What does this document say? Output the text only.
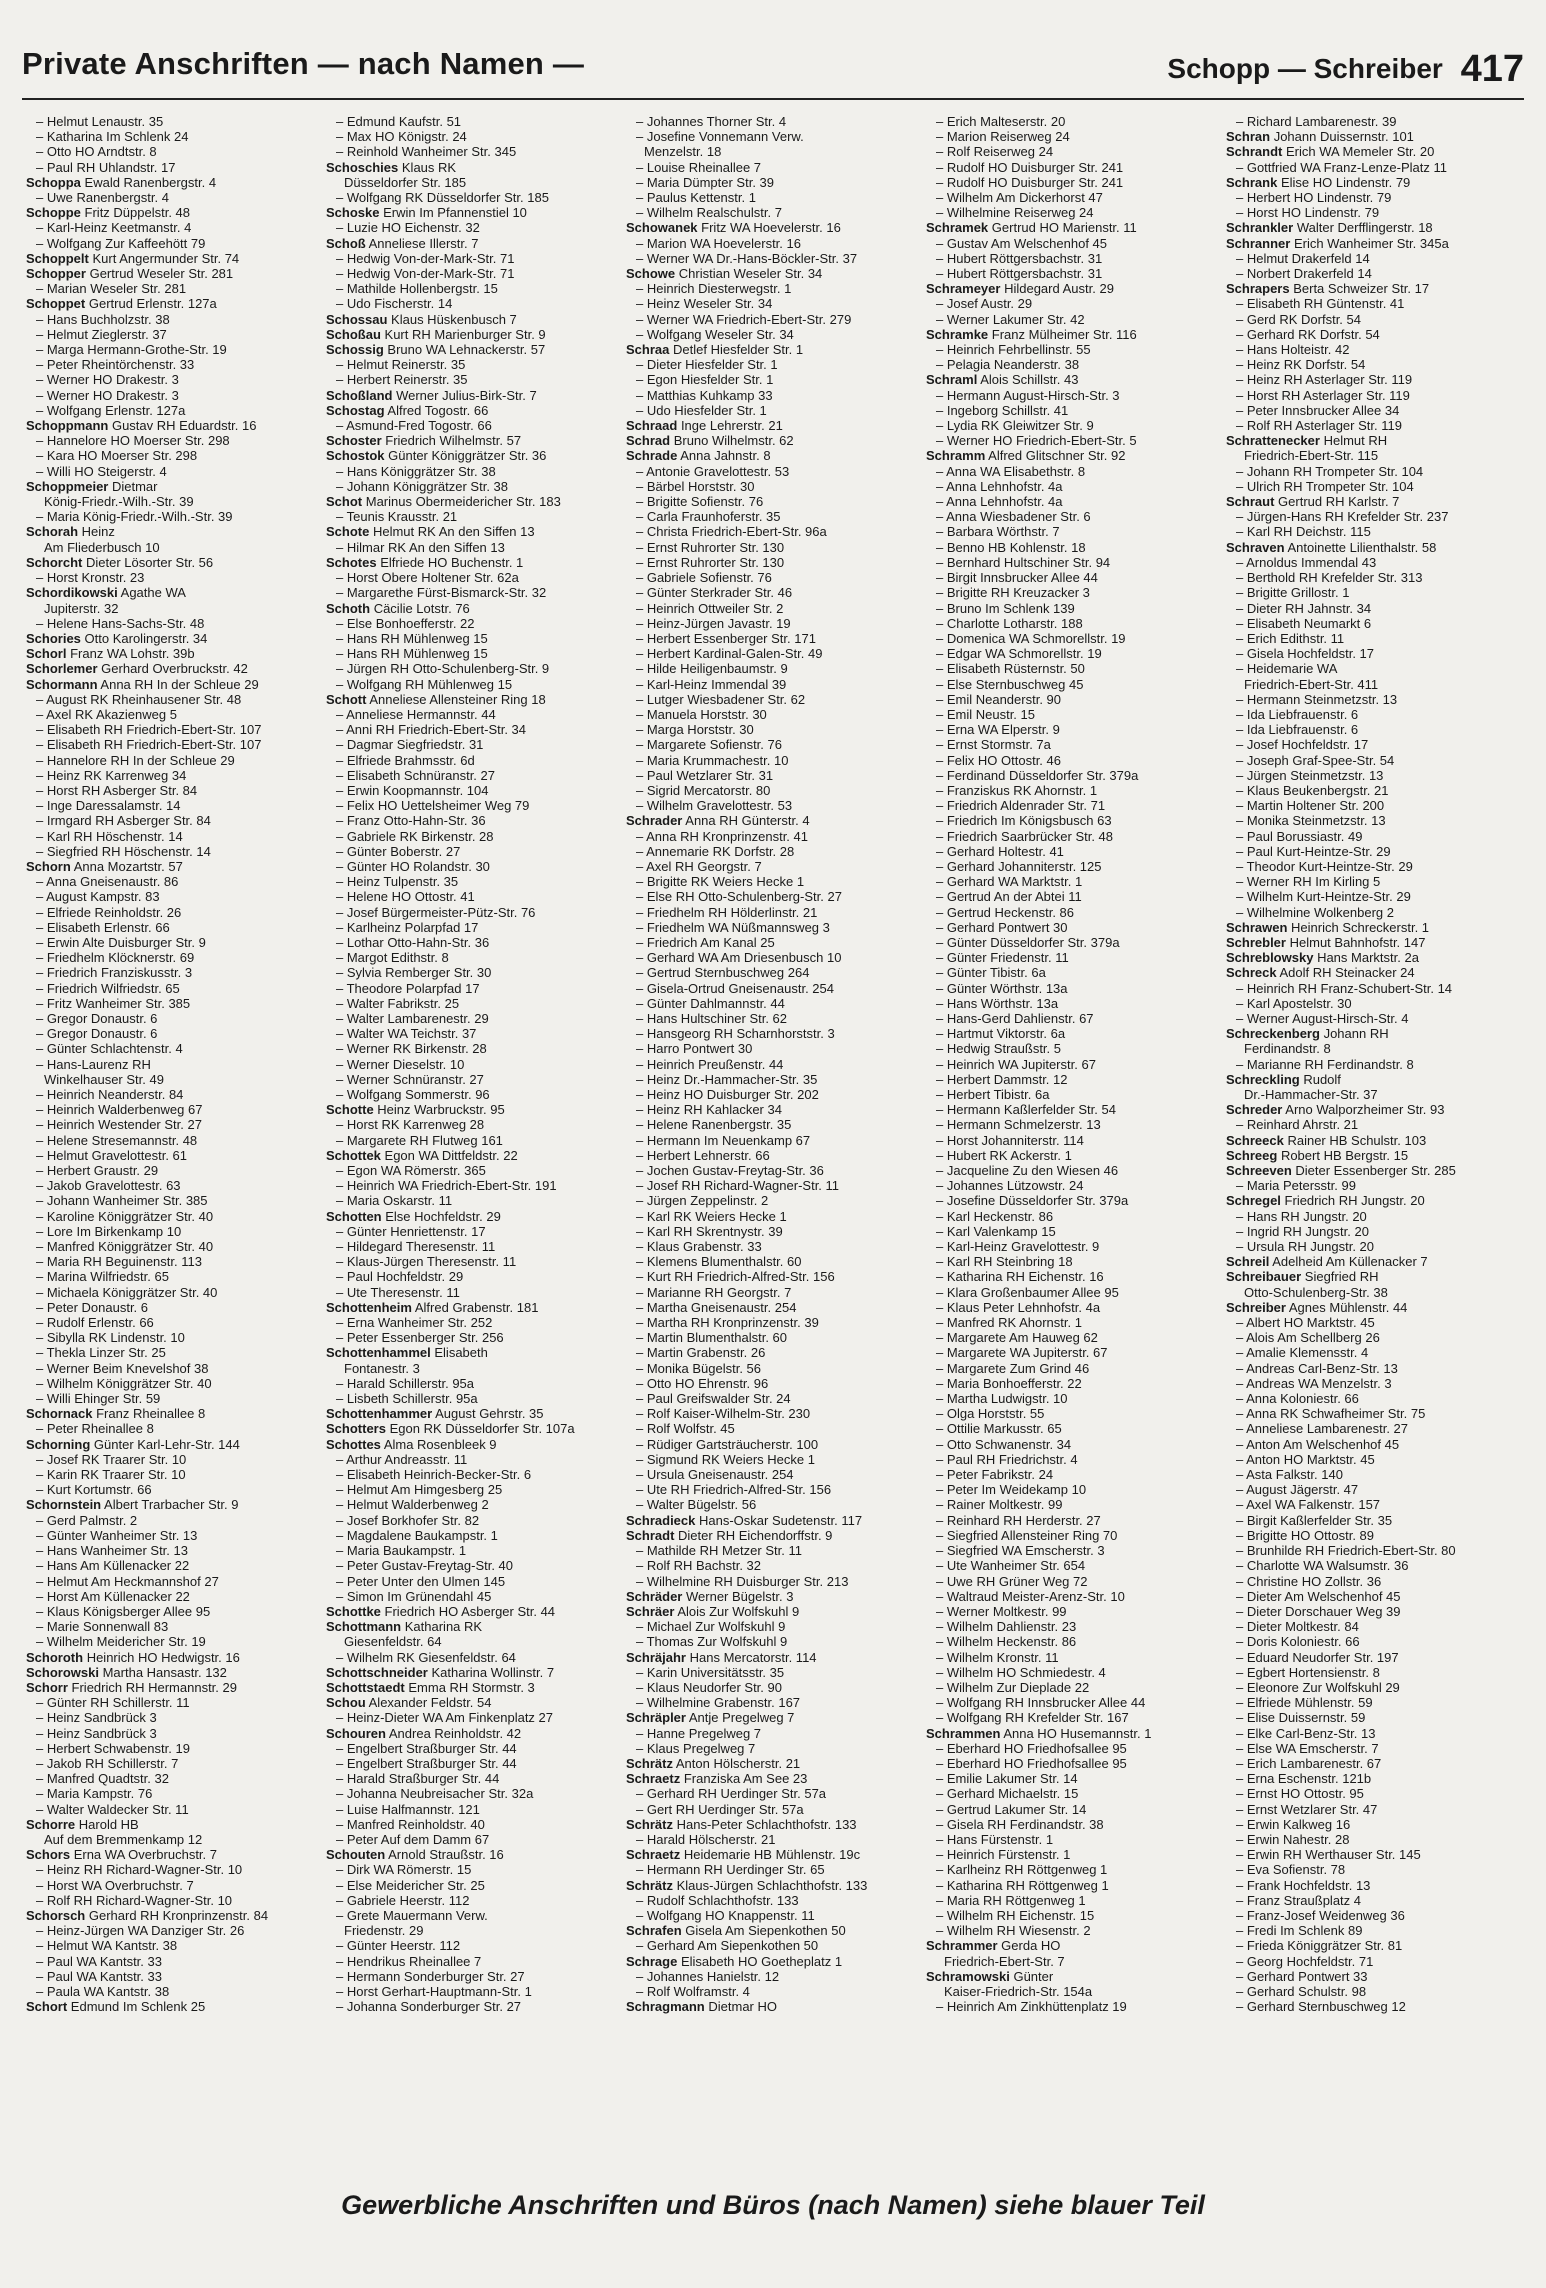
Private Anschriften — nach Namen —	Schopp — Schreiber 417
– Helmut Lenaustr. 35
– Katharina Im Schlenk 24
– Otto HO Arndtstr. 8
– Paul RH Uhlandstr. 17
Schoppa Ewald Ranenbergstr. 4
– Uwe Ranenbergstr. 4
Schoppe Fritz Düppelstr. 48
– Karl-Heinz Keetmanstr. 4
– Wolfgang Zur Kaffeehött 79
Schoppelt Kurt Angermunder Str. 74
Schopper Gertrud Weseler Str. 281
– Marian Weseler Str. 281
Schoppet Gertrud Erlenstr. 127a
– Hans Buchholzstr. 38
– Helmut Zieglerstr. 37
– Marga Hermann-Grothe-Str. 19
– Peter Rheintörchenstr. 33
– Werner HO Drakestr. 3
– Werner HO Drakestr. 3
– Wolfgang Erlenstr. 127a
Schoppmann Gustav RH Eduardstr. 16
– Hannelore HO Moerser Str. 298
– Kara HO Moerser Str. 298
– Willi HO Steigerstr. 4
Schoppmeier Dietmar
König-Friedr.-Wilh.-Str. 39
– Maria König-Friedr.-Wilh.-Str. 39
Schorah Heinz
Am Fliederbusch 10
Schorcht Dieter Lösorter Str. 56
– Horst Kronstr. 23
Schordikowski Agathe WA
Jupiterstr. 32
– Helene Hans-Sachs-Str. 48
Schories Otto Karolingerstr. 34
Schorl Franz WA Lohstr. 39b
Schorlemer Gerhard Overbruckstr. 42
Schormann Anna RH In der Schleue 29
– August RK Rheinhausener Str. 48
– Axel RK Akazienweg 5
– Elisabeth RH Friedrich-Ebert-Str. 107
– Elisabeth RH Friedrich-Ebert-Str. 107
– Hannelore RH In der Schleue 29
– Heinz RK Karrenweg 34
– Horst RH Asberger Str. 84
– Inge Daressalamstr. 14
– Irmgard RH Asberger Str. 84
– Karl RH Höschenstr. 14
– Siegfried RH Höschenstr. 14
Schorn Anna Mozartstr. 57
– Anna Gneisenaustr. 86
– August Kampstr. 83
– Elfriede Reinholdstr. 26
– Elisabeth Erlenstr. 66
– Erwin Alte Duisburger Str. 9
– Friedhelm Klöcknerstr. 69
– Friedrich Franziskusstr. 3
– Friedrich Wilfriedstr. 65
– Fritz Wanheimer Str. 385
– Gregor Donaustr. 6
– Gregor Donaustr. 6
– Günter Schlachtenstr. 4
– Hans-Laurenz RH
Winkelhauser Str. 49
– Heinrich Neanderstr. 84
– Heinrich Walderbenweg 67
– Heinrich Westender Str. 27
– Helene Stresemannstr. 48
– Helmut Gravelottestr. 61
– Herbert Graustr. 29
– Jakob Gravelottestr. 63
– Johann Wanheimer Str. 385
– Karoline Königgrätzer Str. 40
– Lore Im Birkenkamp 10
– Manfred Königgrätzer Str. 40
– Maria RH Beguinenstr. 113
– Marina Wilfriedstr. 65
– Michaela Königgrätzer Str. 40
– Peter Donaustr. 6
– Rudolf Erlenstr. 66
– Sibylla RK Lindenstr. 10
– Thekla Linzer Str. 25
– Werner Beim Knevelshof 38
– Wilhelm Königgrätzer Str. 40
– Willi Ehinger Str. 59
Schornack Franz Rheinallee 8
– Peter Rheinallee 8
Schorning Günter Karl-Lehr-Str. 144
– Josef RK Traarer Str. 10
– Karin RK Traarer Str. 10
– Kurt Kortumstr. 66
Schornstein Albert Trarbacher Str. 9
– Gerd Palmstr. 2
– Günter Wanheimer Str. 13
– Hans Wanheimer Str. 13
– Hans Am Küllenacker 22
– Helmut Am Heckmannshof 27
– Horst Am Küllenacker 22
– Klaus Königsberger Allee 95
– Marie Sonnenwall 83
– Wilhelm Meidericher Str. 19
Schoroth Heinrich HO Hedwigstr. 16
Schorowski Martha Hansastr. 132
Schorr Friedrich RH Hermannstr. 29
– Günter RH Schillerstr. 11
– Heinz Sandbrück 3
– Heinz Sandbrück 3
– Herbert Schwabenstr. 19
– Jakob RH Schillerstr. 7
– Manfred Quadtstr. 32
– Maria Kampstr. 76
– Walter Waldecker Str. 11
Schorre Harold HB
Auf dem Bremmenkamp 12
Schors Erna WA Overbruchstr. 7
– Heinz RH Richard-Wagner-Str. 10
– Horst WA Overbruchstr. 7
– Rolf RH Richard-Wagner-Str. 10
Schorsch Gerhard RH Kronprinzenstr. 84
– Heinz-Jürgen WA Danziger Str. 26
– Helmut WA Kantstr. 38
– Paul WA Kantstr. 33
– Paul WA Kantstr. 33
– Paula WA Kantstr. 38
Schort Edmund Im Schlenk 25
– Edmund Kaufstr. 51
– Max HO Königstr. 24
– Reinhold Wanheimer Str. 345
Schoschies Klaus RK
Düsseldorfer Str. 185
– Wolfgang RK Düsseldorfer Str. 185
Schoske Erwin Im Pfannenstiel 10
– Luzie HO Eichenstr. 32
Schoß Anneliese Illerstr. 7
– Hedwig Von-der-Mark-Str. 71
– Hedwig Von-der-Mark-Str. 71
– Mathilde Hollenbergstr. 15
– Udo Fischerstr. 14
Schossau Klaus Hüskenbusch 7
Schoßau Kurt RH Marienburger Str. 9
Schossig Bruno WA Lehnackerstr. 57
– Helmut Reinerstr. 35
– Herbert Reinerstr. 35
Schoßland Werner Julius-Birk-Str. 7
Schostag Alfred Togostr. 66
– Asmund-Fred Togostr. 66
Schoster Friedrich Wilhelmstr. 57
Schostok Günter Königgrätzer Str. 36
– Hans Königgrätzer Str. 38
– Johann Königgrätzer Str. 38
Schot Marinus Obermeidericher Str. 183
– Teunis Krausstr. 21
Schote Helmut RK An den Siffen 13
– Hilmar RK An den Siffen 13
Schotes Elfriede HO Buchenstr. 1
– Horst Obere Holtener Str. 62a
– Margarethe Fürst-Bismarck-Str. 32
Schoth Cäcilie Lotstr. 76
– Else Bonhoefferstr. 22
– Hans RH Mühlenweg 15
– Hans RH Mühlenweg 15
– Jürgen RH Otto-Schulenberg-Str. 9
– Wolfgang RH Mühlenweg 15
Schott Anneliese Allensteiner Ring 18
– Anneliese Hermannstr. 44
– Anni RH Friedrich-Ebert-Str. 34
– Dagmar Siegfriedstr. 31
– Elfriede Brahmsstr. 6d
– Elisabeth Schnüranstr. 27
– Erwin Koopmannstr. 104
– Felix HO Uettelsheimer Weg 79
– Franz Otto-Hahn-Str. 36
– Gabriele RK Birkenstr. 28
– Günter Boberstr. 27
– Günter HO Rolandstr. 30
– Heinz Tulpenstr. 35
– Helene HO Ottostr. 41
– Josef Bürgermeister-Pütz-Str. 76
– Karlheinz Polarpfad 17
– Lothar Otto-Hahn-Str. 36
– Margot Edithstr. 8
– Sylvia Remberger Str. 30
– Theodore Polarpfad 17
– Walter Fabrikstr. 25
– Walter Lambarenestr. 29
– Walter WA Teichstr. 37
– Werner RK Birkenstr. 28
– Werner Dieselstr. 10
– Werner Schnüranstr. 27
– Wolfgang Sommerstr. 96
Schotte Heinz Warbruckstr. 95
– Horst RK Karrenweg 28
– Margarete RH Flutweg 161
Schottek Egon WA Dittfeldstr. 22
– Egon WA Römerstr. 365
– Heinrich WA Friedrich-Ebert-Str. 191
– Maria Oskarstr. 11
Schotten Else Hochfeldstr. 29
– Günter Henriettenstr. 17
– Hildegard Theresenstr. 11
– Klaus-Jürgen Theresenstr. 11
– Paul Hochfeldstr. 29
– Ute Theresenstr. 11
Schottenheim Alfred Grabenstr. 181
– Erna Wanheimer Str. 252
– Peter Essenberger Str. 256
Schottenhammel Elisabeth
Fontanestr. 3
– Harald Schillerstr. 95a
– Lisbeth Schillerstr. 95a
Schottenhammer August Gehrstr. 35
Schotters Egon RK Düsseldorfer Str. 107a
Schottes Alma Rosenbleek 9
– Arthur Andreasstr. 11
– Elisabeth Heinrich-Becker-Str. 6
– Helmut Am Himgesberg 25
– Helmut Walderbenweg 2
– Josef Borkhofer Str. 82
– Magdalene Baukampstr. 1
– Maria Baukampstr. 1
– Peter Gustav-Freytag-Str. 40
– Peter Unter den Ulmen 145
– Simon Im Grünendahl 45
Schottke Friedrich HO Asberger Str. 44
Schottmann Katharina RK
Giesenfeldstr. 64
– Wilhelm RK Giesenfeldstr. 64
Schottschneider Katharina Wollinstr. 7
Schottstaedt Emma RH Stormstr. 3
Schou Alexander Feldstr. 54
– Heinz-Dieter WA Am Finkenplatz 27
Schouren Andrea Reinholdstr. 42
– Engelbert Straßburger Str. 44
– Engelbert Straßburger Str. 44
– Harald Straßburger Str. 44
– Johanna Neubreisacher Str. 32a
– Luise Halfmannstr. 121
– Manfred Reinholdstr. 40
– Peter Auf dem Damm 67
Schouten Arnold Straußstr. 16
– Dirk WA Römerstr. 15
– Else Meidericher Str. 25
– Gabriele Heerstr. 112
– Grete Mauermann Verw.
Friedenstr. 29
– Günter Heerstr. 112
– Hendrikus Rheinallee 7
– Hermann Sonderburger Str. 27
– Horst Gerhart-Hauptmann-Str. 1
– Johanna Sonderburger Str. 27
– Johannes Thorner Str. 4
– Josefine Vonnemann Verw.
Menzelstr. 18
– Louise Rheinallee 7
– Maria Dümpter Str. 39
– Paulus Kettenstr. 1
– Wilhelm Realschulstr. 7
Schowanek Fritz WA Hoevelerstr. 16
– Marion WA Hoevelerstr. 16
– Werner WA Dr.-Hans-Böckler-Str. 37
Schowe Christian Weseler Str. 34
– Heinrich Diesterwegstr. 1
– Heinz Weseler Str. 34
– Werner WA Friedrich-Ebert-Str. 279
– Wolfgang Weseler Str. 34
Schraa Detlef Hiesfelder Str. 1
– Dieter Hiesfelder Str. 1
– Egon Hiesfelder Str. 1
– Matthias Kuhkamp 33
– Udo Hiesfelder Str. 1
Schraad Inge Lehrerstr. 21
Schrad Bruno Wilhelmstr. 62
Schrade Anna Jahnstr. 8
– Antonie Gravelottestr. 53
– Bärbel Horststr. 30
– Brigitte Sofienstr. 76
– Carla Fraunhoferstr. 35
– Christa Friedrich-Ebert-Str. 96a
– Ernst Ruhrorter Str. 130
– Ernst Ruhrorter Str. 130
– Gabriele Sofienstr. 76
– Günter Sterkrader Str. 46
– Heinrich Ottweiler Str. 2
– Heinz-Jürgen Javastr. 19
– Herbert Essenberger Str. 171
– Herbert Kardinal-Galen-Str. 49
– Hilde Heiligenbaumstr. 9
– Karl-Heinz Immendal 39
– Lutger Wiesbadener Str. 62
– Manuela Horststr. 30
– Marga Horststr. 30
– Margarete Sofienstr. 76
– Maria Krummachestr. 10
– Paul Wetzlarer Str. 31
– Sigrid Mercatorstr. 80
– Wilhelm Gravelottestr. 53
Schrader Anna RH Günterstr. 4
– Anna RH Kronprinzenstr. 41
– Annemarie RK Dorfstr. 28
– Axel RH Georgstr. 7
– Brigitte RK Weiers Hecke 1
– Else RH Otto-Schulenberg-Str. 27
– Friedhelm RH Hölderlinstr. 21
– Friedhelm WA Nüßmannsweg 3
– Friedrich Am Kanal 25
– Gerhard WA Am Driesenbusch 10
– Gertrud Sternbuschweg 264
– Gisela-Ortrud Gneisenaustr. 254
– Günter Dahlmannstr. 44
– Hans Hultschiner Str. 62
– Hansgeorg RH Scharnhorststr. 3
– Harro Pontwert 30
– Heinrich Preußenstr. 44
– Heinz Dr.-Hammacher-Str. 35
– Heinz HO Duisburger Str. 202
– Heinz RH Kahlacker 34
– Helene Ranenbergstr. 35
– Hermann Im Neuenkamp 67
– Herbert Lehnerstr. 66
– Jochen Gustav-Freytag-Str. 36
– Josef RH Richard-Wagner-Str. 11
– Jürgen Zeppelinstr. 2
– Karl RK Weiers Hecke 1
– Karl RH Skrentnystr. 39
– Klaus Grabenstr. 33
– Klemens Blumenthalstr. 60
– Kurt RH Friedrich-Alfred-Str. 156
– Marianne RH Georgstr. 7
– Martha Gneisenaustr. 254
– Martha RH Kronprinzenstr. 39
– Martin Blumenthalstr. 60
– Martin Grabenstr. 26
– Monika Bügelstr. 56
– Otto HO Ehrenstr. 96
– Paul Greifswalder Str. 24
– Rolf Kaiser-Wilhelm-Str. 230
– Rolf Wolfstr. 45
– Rüdiger Gartsträucherstr. 100
– Sigmund RK Weiers Hecke 1
– Ursula Gneisenaustr. 254
– Ute RH Friedrich-Alfred-Str. 156
– Walter Bügelstr. 56
Schradieck Hans-Oskar Sudetenstr. 117
Schradt Dieter RH Eichendorffstr. 9
– Mathilde RH Metzer Str. 11
– Rolf RH Bachstr. 32
– Wilhelmine RH Duisburger Str. 213
Schräder Werner Bügelstr. 3
Schräer Alois Zur Wolfskuhl 9
– Michael Zur Wolfskuhl 9
– Thomas Zur Wolfskuhl 9
Schräjahr Hans Mercatorstr. 114
– Karin Universitätsstr. 35
– Klaus Neudorfer Str. 90
– Wilhelmine Grabenstr. 167
Schräpler Antje Pregelweg 7
– Hanne Pregelweg 7
– Klaus Pregelweg 7
Schrätz Anton Hölscherstr. 21
Schraetz Franziska Am See 23
– Gerhard RH Uerdinger Str. 57a
– Gert RH Uerdinger Str. 57a
Schrätz Hans-Peter Schlachthofstr. 133
– Harald Hölscherstr. 21
Schraetz Heidemarie HB Mühlenstr. 19c
– Hermann RH Uerdinger Str. 65
Schrätz Klaus-Jürgen Schlachthofstr. 133
– Rudolf Schlachthofstr. 133
– Wolfgang HO Knappenstr. 11
Schrafen Gisela Am Siepenkothen 50
– Gerhard Am Siepenkothen 50
Schrage Elisabeth HO Goetheplatz 1
– Johannes Hanielstr. 12
– Rolf Wolframstr. 4
Schragmann Dietmar HO
– Erich Malteserstr. 20
– Marion Reiserweg 24
– Rolf Reiserweg 24
– Rudolf HO Duisburger Str. 241
– Rudolf HO Duisburger Str. 241
– Wilhelm Am Dickerhorst 47
– Wilhelmine Reiserweg 24
Schramek Gertrud HO Marienstr. 11
– Gustav Am Welschenhof 45
– Hubert Röttgersbachstr. 31
– Hubert Röttgersbachstr. 31
Schrameyer Hildegard Austr. 29
– Josef Austr. 29
– Werner Lakumer Str. 42
Schramke Franz Mülheimer Str. 116
– Heinrich Fehrbellinstr. 55
– Pelagia Neanderstr. 38
Schraml Alois Schillstr. 43
– Hermann August-Hirsch-Str. 3
– Ingeborg Schillstr. 41
– Lydia RK Gleiwitzer Str. 9
– Werner HO Friedrich-Ebert-Str. 5
Schramm Alfred Glitschner Str. 92
– Anna WA Elisabethstr. 8
– Anna Lehnhofstr. 4a
– Anna Lehnhofstr. 4a
– Anna Wiesbadener Str. 6
– Barbara Wörthstr. 7
– Benno HB Kohlenstr. 18
– Bernhard Hultschiner Str. 94
– Birgit Innsbrucker Allee 44
– Brigitte RH Kreuzacker 3
– Bruno Im Schlenk 139
– Charlotte Lotharstr. 188
– Domenica WA Schmorellstr. 19
– Edgar WA Schmorellstr. 19
– Elisabeth Rüsternstr. 50
– Else Sternbuschweg 45
– Emil Neanderstr. 90
– Emil Neustr. 15
– Erna WA Elperstr. 9
– Ernst Stormstr. 7a
– Felix HO Ottostr. 46
– Ferdinand Düsseldorfer Str. 379a
– Franziskus RK Ahornstr. 1
– Friedrich Aldenrader Str. 71
– Friedrich Im Königsbusch 63
– Friedrich Saarbrücker Str. 48
– Gerhard Holtestr. 41
– Gerhard Johanniterstr. 125
– Gerhard WA Marktstr. 1
– Gertrud An der Abtei 11
– Gertrud Heckenstr. 86
– Gerhard Pontwert 30
– Günter Düsseldorfer Str. 379a
– Günter Friedenstr. 11
– Günter Tibistr. 6a
– Günter Wörthstr. 13a
– Hans Wörthstr. 13a
– Hans-Gerd Dahlienstr. 67
– Hartmut Viktorstr. 6a
– Hedwig Straußstr. 5
– Heinrich WA Jupiterstr. 67
– Herbert Dammstr. 12
– Herbert Tibistr. 6a
– Hermann Kaßlerfelder Str. 54
– Hermann Schmelzerstr. 13
– Horst Johanniterstr. 114
– Hubert RK Ackerstr. 1
– Jacqueline Zu den Wiesen 46
– Johannes Lützowstr. 24
– Josefine Düsseldorfer Str. 379a
– Karl Heckenstr. 86
– Karl Valenkamp 15
– Karl-Heinz Gravelottestr. 9
– Karl RH Steinbring 18
– Katharina RH Eichenstr. 16
– Klara Großenbaumer Allee 95
– Klaus Peter Lehnhofstr. 4a
– Manfred RK Ahornstr. 1
– Margarete Am Hauweg 62
– Margarete WA Jupiterstr. 67
– Margarete Zum Grind 46
– Maria Bonhoefferstr. 22
– Martha Ludwigstr. 10
– Olga Horststr. 55
– Ottilie Markusstr. 65
– Otto Schwanenstr. 34
– Paul RH Friedrichstr. 4
– Peter Fabrikstr. 24
– Peter Im Weidekamp 10
– Rainer Moltkestr. 99
– Reinhard RH Herderstr. 27
– Siegfried Allensteiner Ring 70
– Siegfried WA Emscherstr. 3
– Ute Wanheimer Str. 654
– Uwe RH Grüner Weg 72
– Waltraud Meister-Arenz-Str. 10
– Werner Moltkestr. 99
– Wilhelm Dahlienstr. 23
– Wilhelm Heckenstr. 86
– Wilhelm Kronstr. 11
– Wilhelm HO Schmiedestr. 4
– Wilhelm Zur Dieplade 22
– Wolfgang RH Innsbrucker Allee 44
– Wolfgang RH Krefelder Str. 167
Schrammen Anna HO Husemannstr. 1
– Eberhard HO Friedhofsallee 95
– Eberhard HO Friedhofsallee 95
– Emilie Lakumer Str. 14
– Gerhard Michaelstr. 15
– Gertrud Lakumer Str. 14
– Gisela RH Ferdinandstr. 38
– Hans Fürstenstr. 1
– Heinrich Fürstenstr. 1
– Karlheinz RH Röttgenweg 1
– Katharina RH Röttgenweg 1
– Maria RH Röttgenweg 1
– Wilhelm RH Eichenstr. 15
– Wilhelm RH Wiesenstr. 2
Schrammer Gerda HO
Friedrich-Ebert-Str. 7
Schramowski Günter
Kaiser-Friedrich-Str. 154a
– Heinrich Am Zinkhüttenplatz 19
– Richard Lambarenestr. 39
Schran Johann Duissernstr. 101
Schrandt Erich WA Memeler Str. 20
– Gottfried WA Franz-Lenze-Platz 11
Schrank Elise HO Lindenstr. 79
– Herbert HO Lindenstr. 79
– Horst HO Lindenstr. 79
Schrankler Walter Derfflingerstr. 18
Schranner Erich Wanheimer Str. 345a
– Helmut Drakerfeld 14
– Norbert Drakerfeld 14
Schrapers Berta Schweizer Str. 17
– Elisabeth RH Güntenstr. 41
– Gerd RK Dorfstr. 54
– Gerhard RK Dorfstr. 54
– Hans Holteistr. 42
– Heinz RK Dorfstr. 54
– Heinz RH Asterlager Str. 119
– Horst RH Asterlager Str. 119
– Peter Innsbrucker Allee 34
– Rolf RH Asterlager Str. 119
Schrattenecker Helmut RH
Friedrich-Ebert-Str. 115
– Johann RH Trompeter Str. 104
– Ulrich RH Trompeter Str. 104
Schraut Gertrud RH Karlstr. 7
– Jürgen-Hans RH Krefelder Str. 237
– Karl RH Deichstr. 115
Schraven Antoinette Lilienthalstr. 58
– Arnoldus Immendal 43
– Berthold RH Krefelder Str. 313
– Brigitte Grillostr. 1
– Dieter RH Jahnstr. 34
– Elisabeth Neumarkt 6
– Erich Edithstr. 11
– Gisela Hochfeldstr. 17
– Heidemarie WA
Friedrich-Ebert-Str. 411
– Hermann Steinmetzstr. 13
– Ida Liebfrauenstr. 6
– Ida Liebfrauenstr. 6
– Josef Hochfeldstr. 17
– Joseph Graf-Spee-Str. 54
– Jürgen Steinmetzstr. 13
– Klaus Beukenbergstr. 21
– Martin Holtener Str. 200
– Monika Steinmetzstr. 13
– Paul Borussiastr. 49
– Paul Kurt-Heintze-Str. 29
– Theodor Kurt-Heintze-Str. 29
– Werner RH Im Kirling 5
– Wilhelm Kurt-Heintze-Str. 29
– Wilhelmine Wolkenberg 2
Schrawen Heinrich Schreckerstr. 1
Schrebler Helmut Bahnhofstr. 147
Schreblowsky Hans Marktstr. 2a
Schreck Adolf RH Steinacker 24
– Heinrich RH Franz-Schubert-Str. 14
– Karl Apostelstr. 30
– Werner August-Hirsch-Str. 4
Schreckenberg Johann RH
Ferdinandstr. 8
– Marianne RH Ferdinandstr. 8
Schreckling Rudolf
Dr.-Hammacher-Str. 37
Schreder Arno Walporzheimer Str. 93
– Reinhard Ahrstr. 21
Schreeck Rainer HB Schulstr. 103
Schreeg Robert HB Bergstr. 15
Schreeven Dieter Essenberger Str. 285
– Maria Petersstr. 99
Schregel Friedrich RH Jungstr. 20
– Hans RH Jungstr. 20
– Ingrid RH Jungstr. 20
– Ursula RH Jungstr. 20
Schreil Adelheid Am Küllenacker 7
Schreibauer Siegfried RH
Otto-Schulenberg-Str. 38
Schreiber Agnes Mühlenstr. 44
– Albert HO Marktstr. 45
– Alois Am Schellberg 26
– Amalie Klemensstr. 4
– Andreas Carl-Benz-Str. 13
– Andreas WA Menzelstr. 3
– Anna Koloniestr. 66
– Anna RK Schwafheimer Str. 75
– Anneliese Lambarenestr. 27
– Anton Am Welschenhof 45
– Anton HO Marktstr. 45
– Asta Falkstr. 140
– August Jägerstr. 47
– Axel WA Falkenstr. 157
– Birgit Kaßlerfelder Str. 35
– Brigitte HO Ottostr. 89
– Brunhilde RH Friedrich-Ebert-Str. 80
– Charlotte WA Walsumstr. 36
– Christine HO Zollstr. 36
– Dieter Am Welschenhof 45
– Dieter Dorschauer Weg 39
– Dieter Moltkestr. 84
– Doris Koloniestr. 66
– Eduard Neudorfer Str. 197
– Egbert Hortensienstr. 8
– Eleonore Zur Wolfskuhl 29
– Elfriede Mühlenstr. 59
– Elise Duissernstr. 59
– Elke Carl-Benz-Str. 13
– Else WA Emscherstr. 7
– Erich Lambarenestr. 67
– Erna Eschenstr. 121b
– Ernst HO Ottostr. 95
– Ernst Wetzlarer Str. 47
– Erwin Kalkweg 16
– Erwin Nahestr. 28
– Erwin RH Werthauser Str. 145
– Eva Sofienstr. 78
– Frank Hochfeldstr. 13
– Franz Straußplatz 4
– Franz-Josef Weidenweg 36
– Fredi Im Schlenk 89
– Frieda Königgrätzer Str. 81
– Georg Hochfeldstr. 71
– Gerhard Pontwert 33
– Gerhard Schulstr. 98
– Gerhard Sternbuschweg 12
Gewerbliche Anschriften und Büros (nach Namen) siehe blauer Teil
